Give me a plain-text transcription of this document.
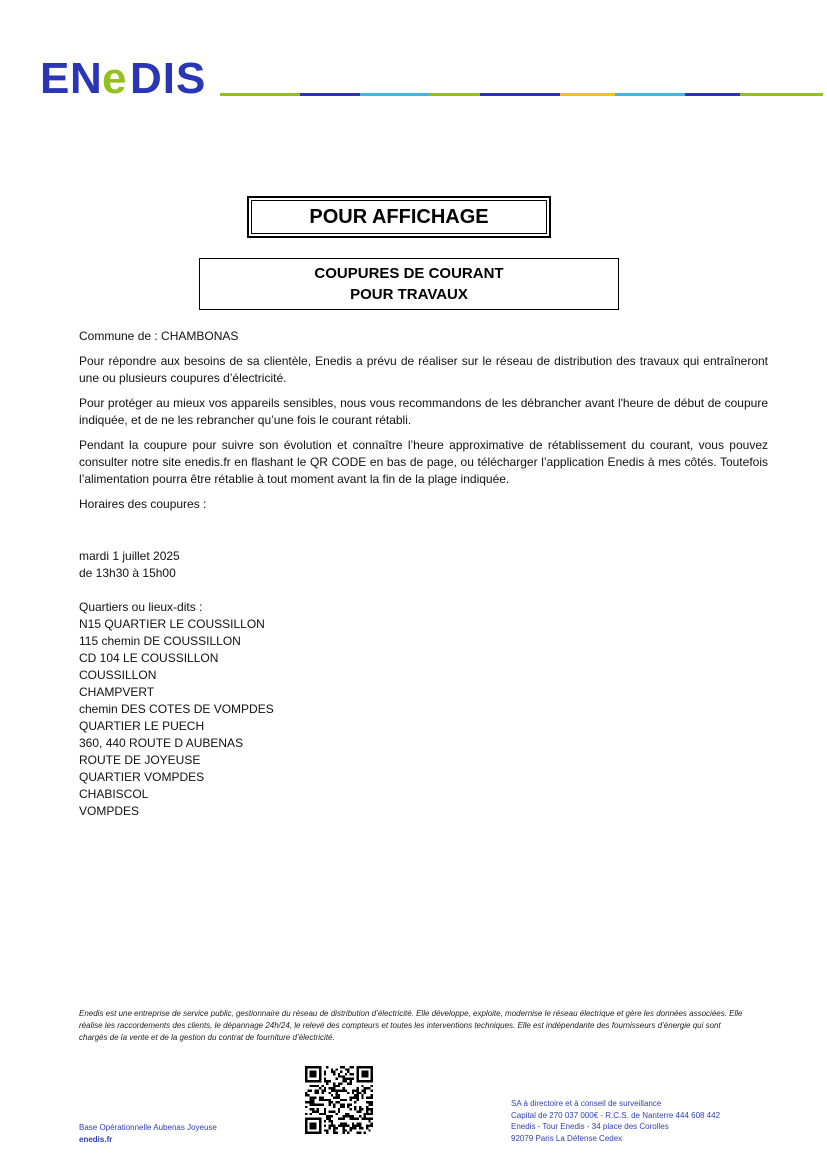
E N e DIS
POUR AFFICHAGE
COUPURES DE COURANT
POUR TRAVAUX

Commune de : CHAMBONAS

Pour répondre aux besoins de sa clientèle, Enedis a prévu de réaliser sur le réseau de distribution des travaux qui entraîneront une ou plusieurs coupures d’électricité.

Pour protéger au mieux vos appareils sensibles, nous vous recommandons de les débrancher avant l'heure de début de coupure indiquée, et de ne les rebrancher qu’une fois le courant rétabli.

Pendant la coupure pour suivre son évolution et connaître l’heure approximative de rétablissement du courant, vous pouvez consulter notre site enedis.fr en flashant le QR CODE en bas de page, ou télécharger l’application Enedis à mes côtés. Toutefois l’alimentation pourra être rétablie à tout moment avant la fin de la plage indiquée.

Horaires des coupures :

mardi 1 juillet 2025
de 13h30 à 15h00
Quartiers ou lieux-dits :
N15 QUARTIER LE COUSSILLON
115 chemin DE COUSSILLON
CD 104 LE COUSSILLON
COUSSILLON
CHAMPVERT
chemin DES COTES DE VOMPDES
QUARTIER LE PUECH
360, 440 ROUTE D AUBENAS
ROUTE DE JOYEUSE
QUARTIER VOMPDES
CHABISCOL
VOMPDES
Enedis est une entreprise de service public, gestionnaire du réseau de distribution d’électricité. Elle développe, exploite, modernise le réseau électrique et gère les données associées. Elle réalise les raccordements des clients, le dépannage 24h/24, le relevé des compteurs et toutes les interventions techniques. Elle est indépendante des fournisseurs d’énergie qui sont chargés de la vente et de la gestion du contrat de fourniture d’électricité.
Base Opérationnelle Aubenas Joyeuse
enedis.fr
SA à directoire et à conseil de surveillance
Capital de 270 037 000€ - R.C.S. de Nanterre 444 608 442
Enedis - Tour Enedis - 34 place des Corolles
92079 Paris La Défense Cedex
